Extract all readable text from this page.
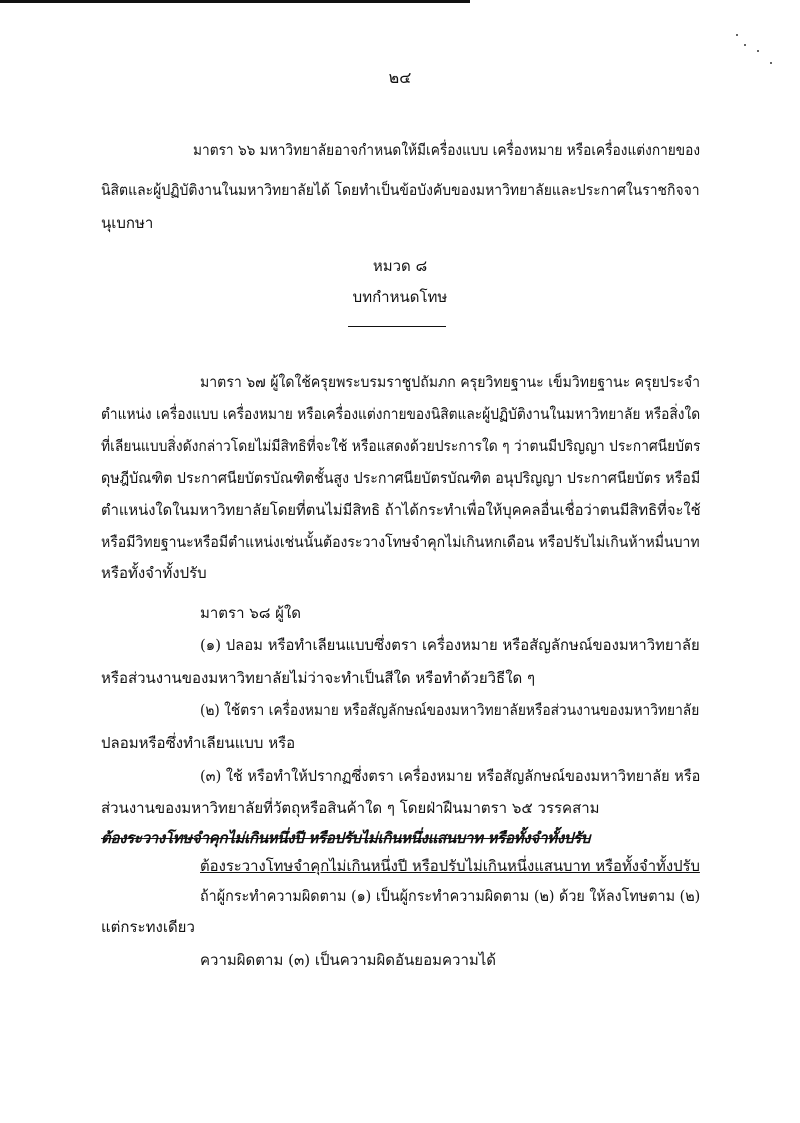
๒๔
มาตรา ๖๖ มหาวิทยาลัยอาจกำหนดให้มีเครื่องแบบ เครื่องหมาย หรือเครื่องแต่งกายของ
นิสิตและผู้ปฏิบัติงานในมหาวิทยาลัยได้ โดยทำเป็นข้อบังคับของมหาวิทยาลัยและประกาศในราชกิจจา
นุเบกษา
หมวด ๘
บทกำหนดโทษ
มาตรา ๖๗ ผู้ใดใช้ครุยพระบรมราชูปถัมภก ครุยวิทยฐานะ เข็มวิทยฐานะ ครุยประจำ
ตำแหน่ง เครื่องแบบ เครื่องหมาย หรือเครื่องแต่งกายของนิสิตและผู้ปฏิบัติงานในมหาวิทยาลัย หรือสิ่งใด
ที่เลียนแบบสิ่งดังกล่าวโดยไม่มีสิทธิที่จะใช้ หรือแสดงด้วยประการใด ๆ ว่าตนมีปริญญา ประกาศนียบัตร
ดุษฎีบัณฑิต ประกาศนียบัตรบัณฑิตชั้นสูง ประกาศนียบัตรบัณฑิต อนุปริญญา ประกาศนียบัตร หรือมี
ตำแหน่งใดในมหาวิทยาลัยโดยที่ตนไม่มีสิทธิ ถ้าได้กระทำเพื่อให้บุคคลอื่นเชื่อว่าตนมีสิทธิที่จะใช้
หรือมีวิทยฐานะหรือมีตำแหน่งเช่นนั้นต้องระวางโทษจำคุกไม่เกินหกเดือน หรือปรับไม่เกินห้าหมื่นบาท
หรือทั้งจำทั้งปรับ
มาตรา ๖๘ ผู้ใด
(๑) ปลอม หรือทำเลียนแบบซึ่งตรา เครื่องหมาย หรือสัญลักษณ์ของมหาวิทยาลัย
หรือส่วนงานของมหาวิทยาลัยไม่ว่าจะทำเป็นสีใด หรือทำด้วยวิธีใด ๆ
(๒) ใช้ตรา เครื่องหมาย หรือสัญลักษณ์ของมหาวิทยาลัยหรือส่วนงานของมหาวิทยาลัย
ปลอมหรือซึ่งทำเลียนแบบ หรือ
(๓) ใช้ หรือทำให้ปรากฏซึ่งตรา เครื่องหมาย หรือสัญลักษณ์ของมหาวิทยาลัย หรือ
ส่วนงานของมหาวิทยาลัยที่วัตถุหรือสินค้าใด ๆ โดยฝ่าฝืนมาตรา ๖๕ วรรคสาม
ต้องระวางโทษจำคุกไม่เกินหนึ่งปี หรือปรับไม่เกินหนึ่งแสนบาท หรือทั้งจำทั้งปรับ
ต้องระวางโทษจำคุกไม่เกินหนึ่งปี หรือปรับไม่เกินหนึ่งแสนบาท หรือทั้งจำทั้งปรับ
ถ้าผู้กระทำความผิดตาม (๑) เป็นผู้กระทำความผิดตาม (๒) ด้วย ให้ลงโทษตาม (๒)
แต่กระทงเดียว
ความผิดตาม (๓) เป็นความผิดอันยอมความได้
